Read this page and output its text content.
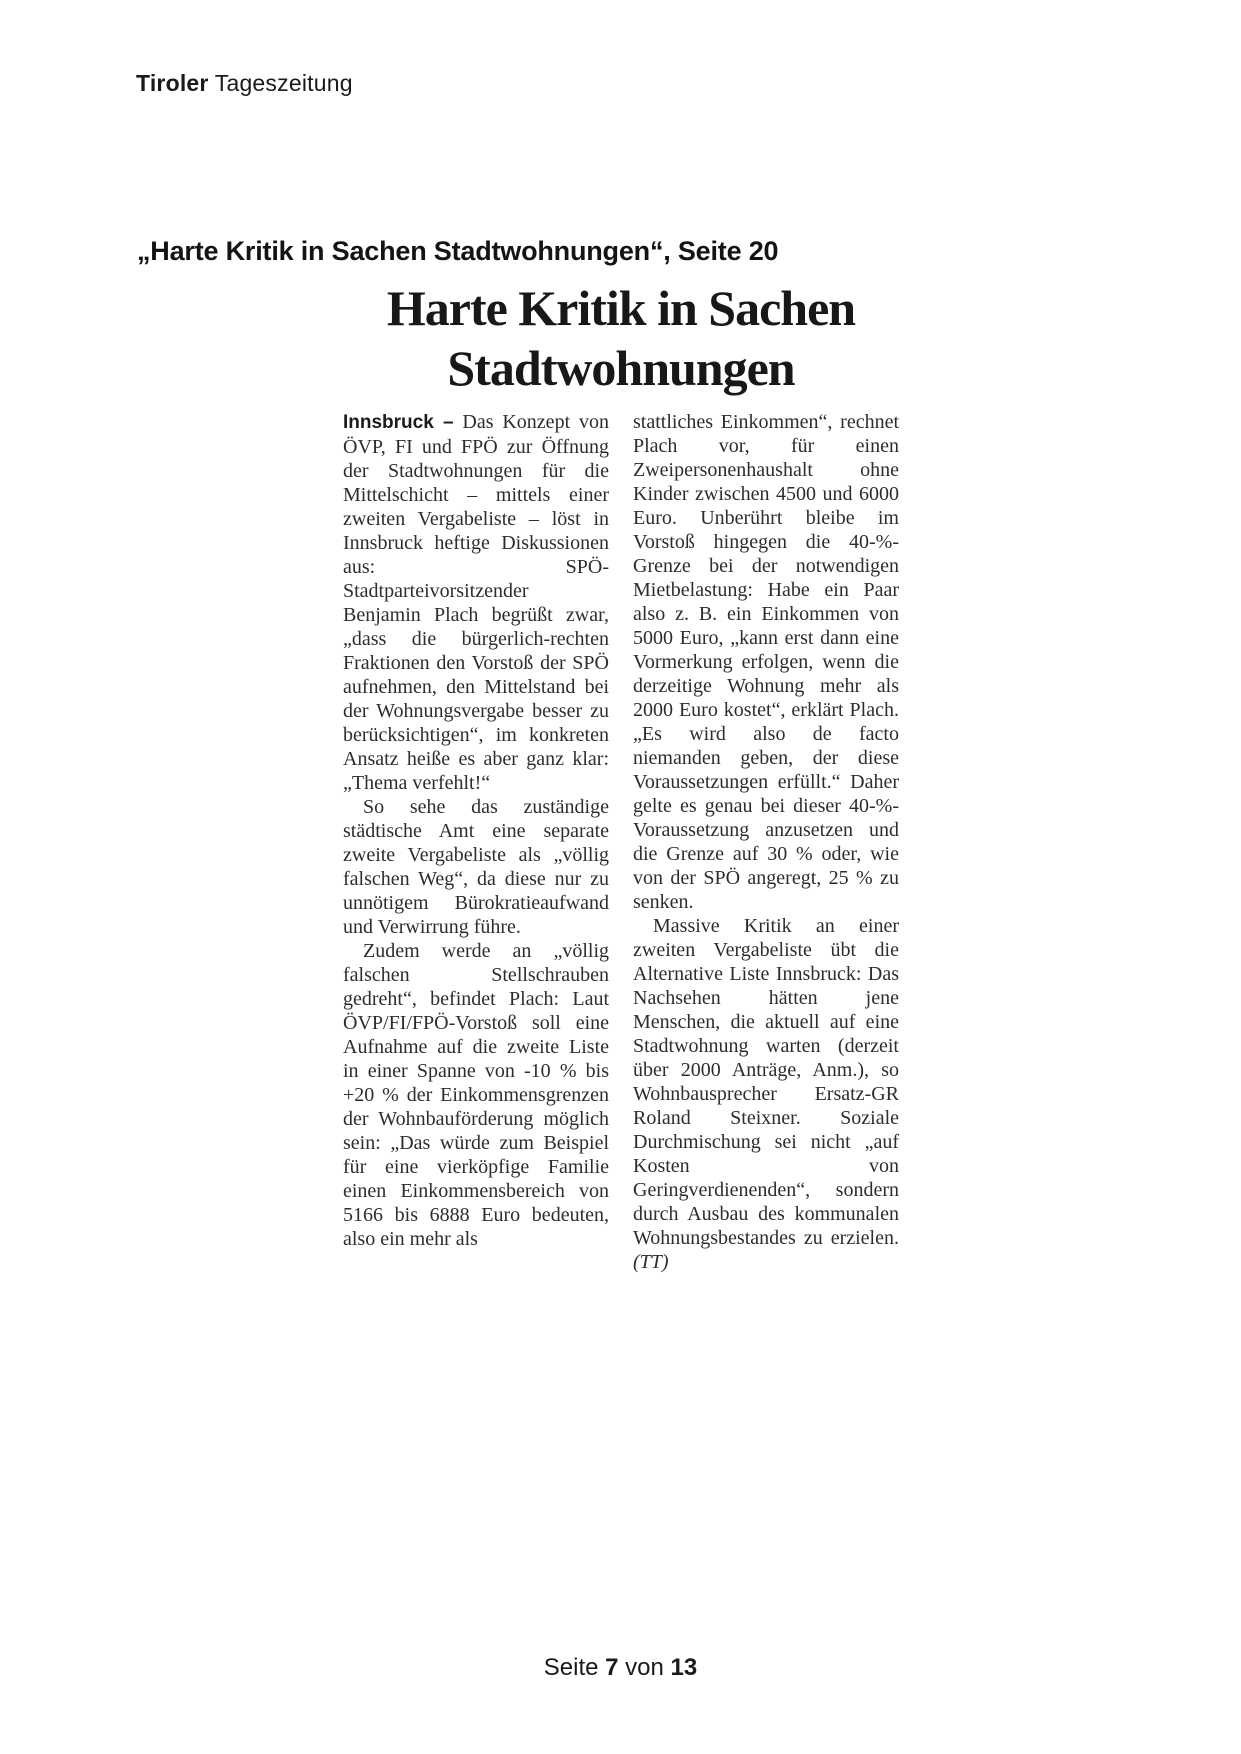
Tiroler Tageszeitung
„Harte Kritik in Sachen Stadtwohnungen“, Seite 20
Harte Kritik in Sachen
Stadtwohnungen

Innsbruck – Das Konzept von ÖVP, FI und FPÖ zur Öffnung der Stadtwohnungen für die Mittelschicht – mittels einer zweiten Vergabeliste – löst in Innsbruck heftige Diskussionen aus: SPÖ-Stadtparteivorsitzender Benjamin Plach begrüßt zwar, „dass die bürgerlich-rechten Fraktionen den Vorstoß der SPÖ aufnehmen, den Mittelstand bei der Wohnungsvergabe besser zu berücksichtigen“, im konkreten Ansatz heiße es aber ganz klar: „Thema verfehlt!“

So sehe das zuständige städtische Amt eine separate zweite Vergabeliste als „völlig falschen Weg“, da diese nur zu unnötigem Bürokratieaufwand und Verwirrung führe.

Zudem werde an „völlig falschen Stellschrauben gedreht“, befindet Plach: Laut ÖVP/FI/FPÖ-Vorstoß soll eine Aufnahme auf die zweite Liste in einer Spanne von -10 % bis +20 % der Einkommensgrenzen der Wohnbauförderung möglich sein: „Das würde zum Beispiel für eine vierköpfige Familie einen Einkommensbereich von 5166 bis 6888 Euro bedeuten, also ein mehr als

stattliches Einkommen“, rechnet Plach vor, für einen Zweipersonenhaushalt ohne Kinder zwischen 4500 und 6000 Euro. Unberührt bleibe im Vorstoß hingegen die 40-%-Grenze bei der notwendigen Mietbelastung: Habe ein Paar also z. B. ein Einkommen von 5000 Euro, „kann erst dann eine Vormerkung erfolgen, wenn die derzeitige Wohnung mehr als 2000 Euro kostet“, erklärt Plach. „Es wird also de facto niemanden geben, der diese Voraussetzungen erfüllt.“ Daher gelte es genau bei dieser 40-%-Voraussetzung anzusetzen und die Grenze auf 30 % oder, wie von der SPÖ angeregt, 25 % zu senken.

Massive Kritik an einer zweiten Vergabeliste übt die Alternative Liste Innsbruck: Das Nachsehen hätten jene Menschen, die aktuell auf eine Stadtwohnung warten (derzeit über 2000 Anträge, Anm.), so Wohnbausprecher Ersatz-GR Roland Steixner. Soziale Durchmischung sei nicht „auf Kosten von Geringverdienenden“, sondern durch Ausbau des kommunalen Wohnungsbestandes zu erzielen. (TT)

Seite 7 von 13
